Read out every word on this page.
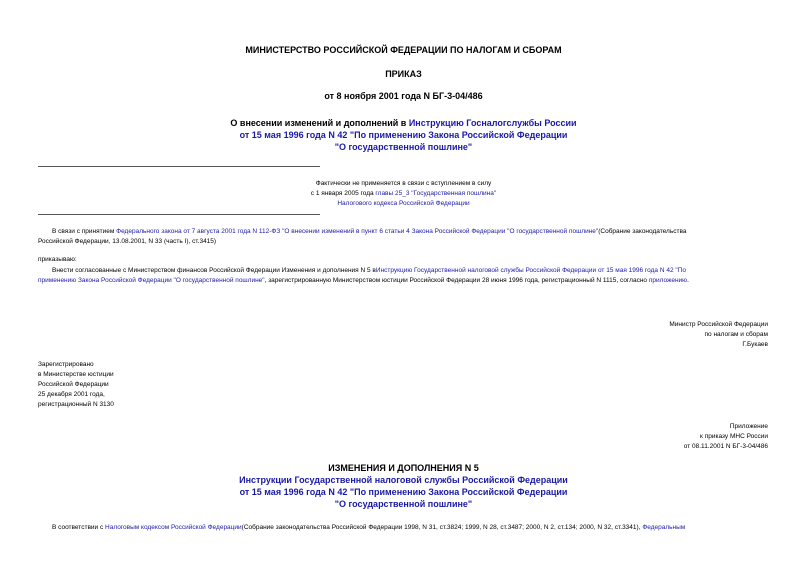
МИНИСТЕРСТВО РОССИЙСКОЙ ФЕДЕРАЦИИ ПО НАЛОГАМ И СБОРАМ
ПРИКАЗ
от 8 ноября 2001 года N БГ-3-04/486
О внесении изменений и дополнений в Инструкцию Госналогслужбы России
от 15 мая 1996 года N 42 "По применению Закона Российской Федерации
"О государственной пошлине"
Фактически не применяется в связи с вступлением в силу
с 1 января 2005 года главы 25_3 "Государственная пошлина"
Налогового кодекса Российской Федерации
В связи с принятием Федерального закона от 7 августа 2001 года N 112-ФЗ "О внесении изменений в пункт 6 статьи 4 Закона Российской Федерации "О государственной пошлине"(Собрание законодательства
Российской Федерации, 13.08.2001, N 33 (часть I), ст.3415)
приказываю:
Внести согласованные с Министерством финансов Российской Федерации Изменения и дополнения N 5 вИнструкцию Государственной налоговой службы Российской Федерации от 15 мая 1996 года N 42 "По
применению Закона Российской Федерации "О государственной пошлине", зарегистрированную Министерством юстиции Российской Федерации 28 июня 1996 года, регистрационный N 1115, согласно приложению.
Министр Российской Федерации
по налогам и сборам
Г.Букаев
Зарегистрировано
в Министерстве юстиции
Российской Федерации
25 декабря 2001 года,
регистрационный N 3130
Приложение
к приказу МНС России
от 08.11.2001 N БГ-3-04/486
ИЗМЕНЕНИЯ И ДОПОЛНЕНИЯ N 5
Инструкции Государственной налоговой службы Российской Федерации
от 15 мая 1996 года N 42 "По применению Закона Российской Федерации
"О государственной пошлине"
В соответствии с Налоговым кодексом Российской Федерации(Собрание законодательства Российской Федерации 1998, N 31, ст.3824; 1999, N 28, ст.3487; 2000, N 2, ст.134; 2000, N 32, ст.3341), Федеральным
